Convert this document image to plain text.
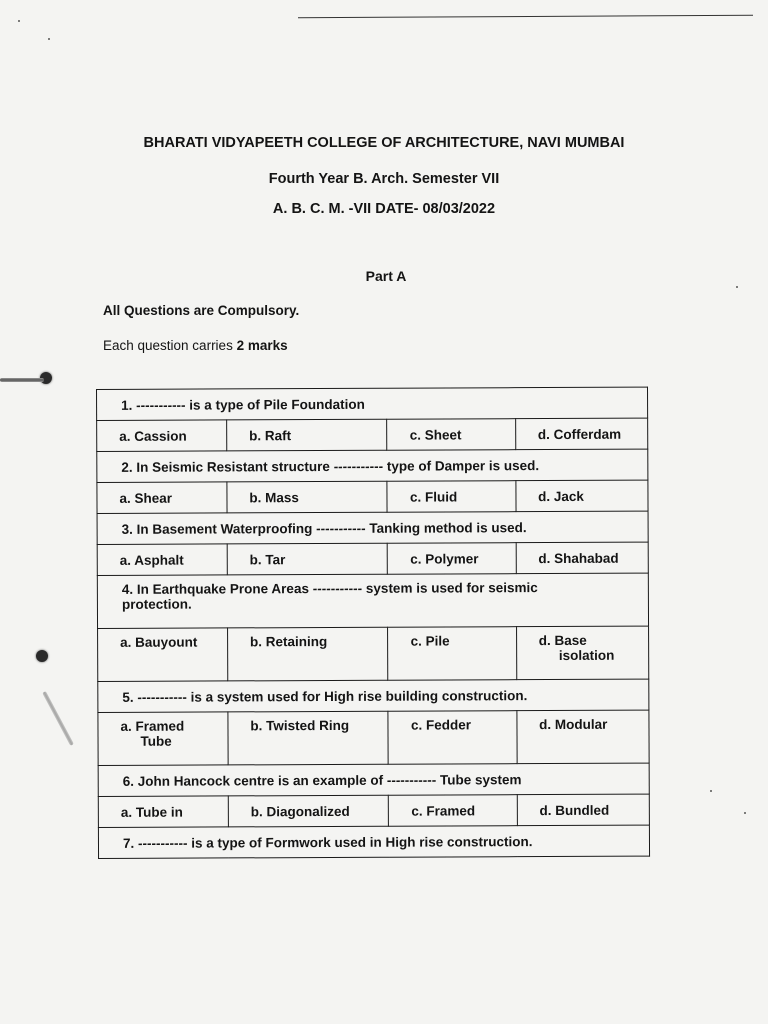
BHARATI VIDYAPEETH COLLEGE OF ARCHITECTURE, NAVI MUMBAI
Fourth Year B. Arch. Semester VII
A. B. C. M. -VII DATE- 08/03/2022
Part A
All Questions are Compulsory.
Each question carries 2 marks
1. ----------- is a type of Pile Foundation			
a. Cassion	b. Raft	c. Sheet	d. Cofferdam
2. In Seismic Resistant structure ----------- type of Damper is used.			
a. Shear	b. Mass	c. Fluid	d. Jack
3. In Basement Waterproofing ----------- Tanking method is used.			
a. Asphalt	b. Tar	c. Polymer	d. Shahabad
4. In Earthquake Prone Areas ----------- system is used for seismic protection.			
a. Bauyount	b. Retaining	c. Pile	d. Base
isolation
5. ----------- is a system used for High rise building construction.			
a. Framed
Tube	b. Twisted Ring	c. Fedder	d. Modular
6. John Hancock centre is an example of ----------- Tube system			
a. Tube in	b. Diagonalized	c. Framed	d. Bundled
7. ----------- is a type of Formwork used in High rise construction.			
